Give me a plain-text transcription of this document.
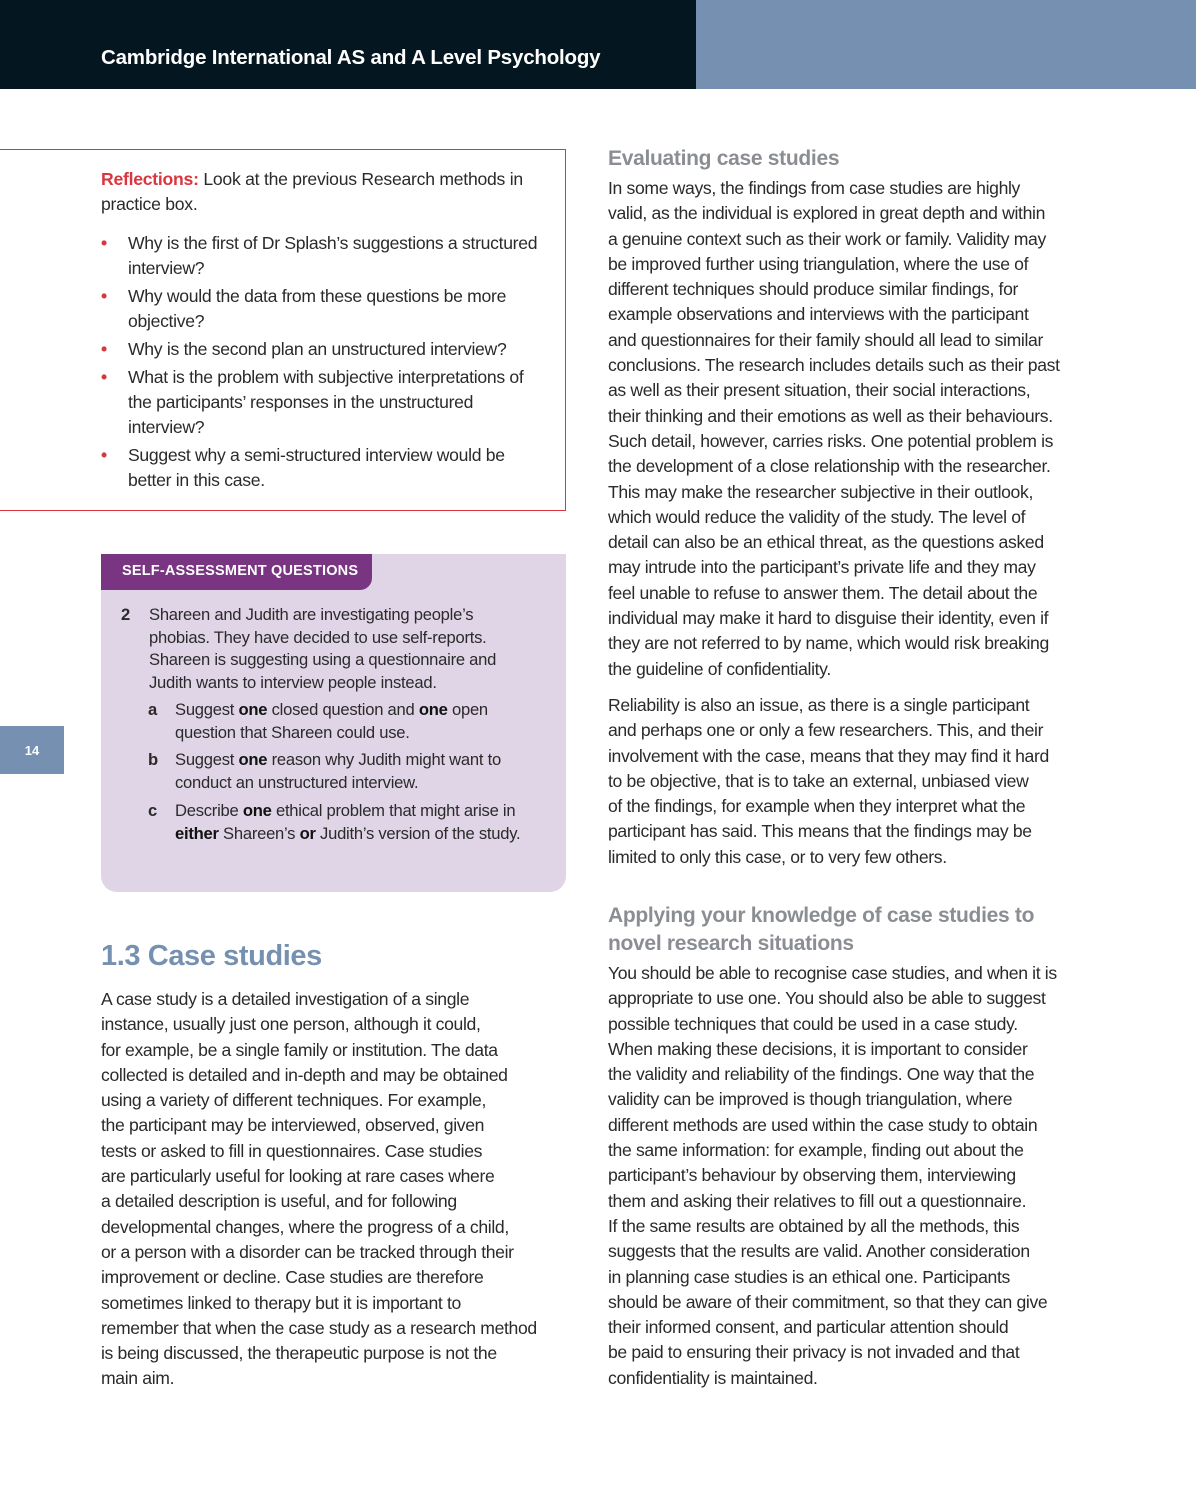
Cambridge International AS and A Level Psychology
14

Reflections: Look at the previous Research methods in practice box.

• Why is the first of Dr Splash’s suggestions a structured interview?
• Why would the data from these questions be more objective?
• Why is the second plan an unstructured interview?
• What is the problem with subjective interpretations of the participants’ responses in the unstructured interview?
• Suggest why a semi-structured interview would be better in this case.
SELF-ASSESSMENT QUESTIONS
2 Shareen and Judith are investigating people’s phobias. They have decided to use self-reports. Shareen is suggesting using a questionnaire and Judith wants to interview people instead.

a Suggest one closed question and one open question that Shareen could use.

b Suggest one reason why Judith might want to conduct an unstructured interview.

c Describe one ethical problem that might arise in either Shareen’s or Judith’s version of the study.

1.3 Case studies
A case study is a detailed investigation of a single
instance, usually just one person, although it could,
for example, be a single family or institution. The data
collected is detailed and in-depth and may be obtained
using a variety of different techniques. For example,
the participant may be interviewed, observed, given
tests or asked to fill in questionnaires. Case studies
are particularly useful for looking at rare cases where
a detailed description is useful, and for following
developmental changes, where the progress of a child,
or a person with a disorder can be tracked through their
improvement or decline. Case studies are therefore
sometimes linked to therapy but it is important to
remember that when the case study as a research method
is being discussed, the therapeutic purpose is not the
main aim.
Evaluating case studies
In some ways, the findings from case studies are highly
valid, as the individual is explored in great depth and within
a genuine context such as their work or family. Validity may
be improved further using triangulation, where the use of
different techniques should produce similar findings, for
example observations and interviews with the participant
and questionnaires for their family should all lead to similar
conclusions. The research includes details such as their past
as well as their present situation, their social interactions,
their thinking and their emotions as well as their behaviours.
Such detail, however, carries risks. One potential problem is
the development of a close relationship with the researcher.
This may make the researcher subjective in their outlook,
which would reduce the validity of the study. The level of
detail can also be an ethical threat, as the questions asked
may intrude into the participant’s private life and they may
feel unable to refuse to answer them. The detail about the
individual may make it hard to disguise their identity, even if
they are not referred to by name, which would risk breaking
the guideline of confidentiality.
Reliability is also an issue, as there is a single participant
and perhaps one or only a few researchers. This, and their
involvement with the case, means that they may find it hard
to be objective, that is to take an external, unbiased view
of the findings, for example when they interpret what the
participant has said. This means that the findings may be
limited to only this case, or to very few others.
Applying your knowledge of case studies to
novel research situations
You should be able to recognise case studies, and when it is
appropriate to use one. You should also be able to suggest
possible techniques that could be used in a case study.
When making these decisions, it is important to consider
the validity and reliability of the findings. One way that the
validity can be improved is though triangulation, where
different methods are used within the case study to obtain
the same information: for example, finding out about the
participant’s behaviour by observing them, interviewing
them and asking their relatives to fill out a questionnaire.
If the same results are obtained by all the methods, this
suggests that the results are valid. Another consideration
in planning case studies is an ethical one. Participants
should be aware of their commitment, so that they can give
their informed consent, and particular attention should
be paid to ensuring their privacy is not invaded and that
confidentiality is maintained.
